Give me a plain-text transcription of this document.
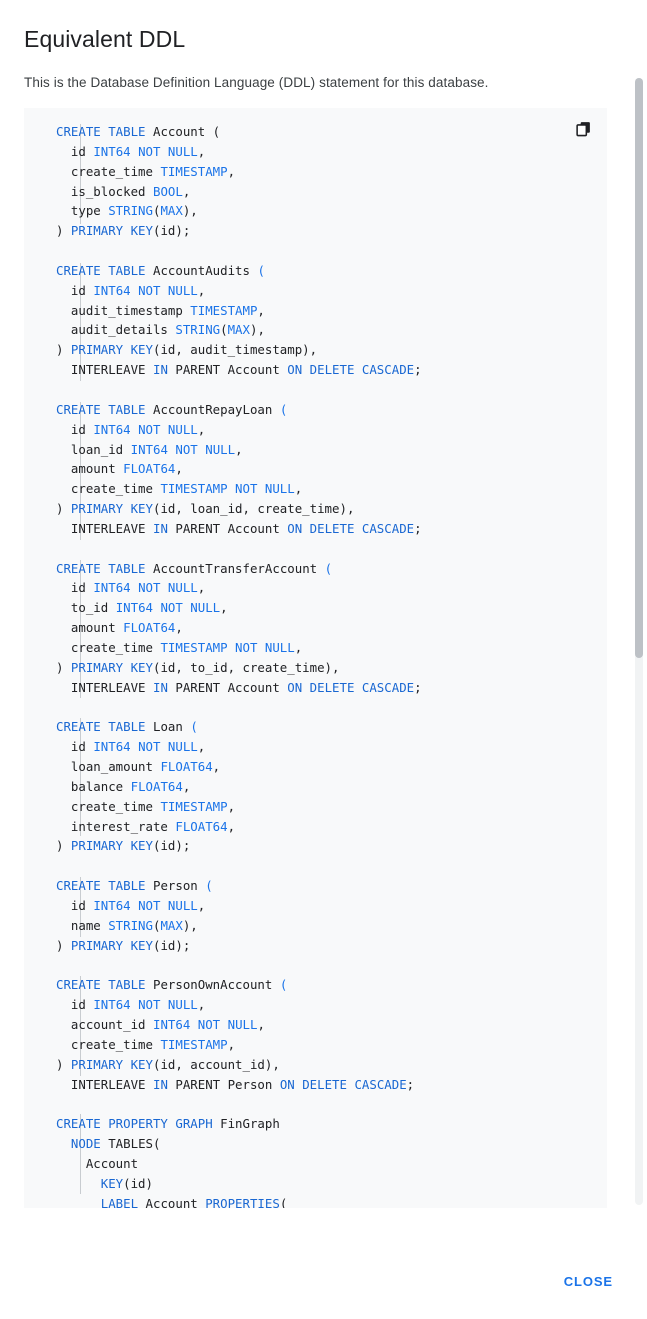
Equivalent DDL
This is the Database Definition Language (DDL) statement for this database.
CREATE TABLE Account (
id INT64 NOT NULL,
create_time TIMESTAMP,
is_blocked BOOL,
type STRING(MAX),
) PRIMARY KEY(id);

CREATE TABLE AccountAudits (
id INT64 NOT NULL,
audit_timestamp TIMESTAMP,
audit_details STRING(MAX),
) PRIMARY KEY(id, audit_timestamp),
INTERLEAVE IN PARENT Account ON DELETE CASCADE;

CREATE TABLE AccountRepayLoan (
id INT64 NOT NULL,
loan_id INT64 NOT NULL,
amount FLOAT64,
create_time TIMESTAMP NOT NULL,
) PRIMARY KEY(id, loan_id, create_time),
INTERLEAVE IN PARENT Account ON DELETE CASCADE;

CREATE TABLE AccountTransferAccount (
id INT64 NOT NULL,
to_id INT64 NOT NULL,
amount FLOAT64,
create_time TIMESTAMP NOT NULL,
) PRIMARY KEY(id, to_id, create_time),
INTERLEAVE IN PARENT Account ON DELETE CASCADE;

CREATE TABLE Loan (
id INT64 NOT NULL,
loan_amount FLOAT64,
balance FLOAT64,
create_time TIMESTAMP,
interest_rate FLOAT64,
) PRIMARY KEY(id);

CREATE TABLE Person (
id INT64 NOT NULL,
name STRING(MAX),
) PRIMARY KEY(id);

CREATE TABLE PersonOwnAccount (
id INT64 NOT NULL,
account_id INT64 NOT NULL,
create_time TIMESTAMP,
) PRIMARY KEY(id, account_id),
INTERLEAVE IN PARENT Person ON DELETE CASCADE;

CREATE PROPERTY GRAPH FinGraph
NODE TABLES(
Account
KEY(id)
LABEL Account PROPERTIES(
CLOSE
